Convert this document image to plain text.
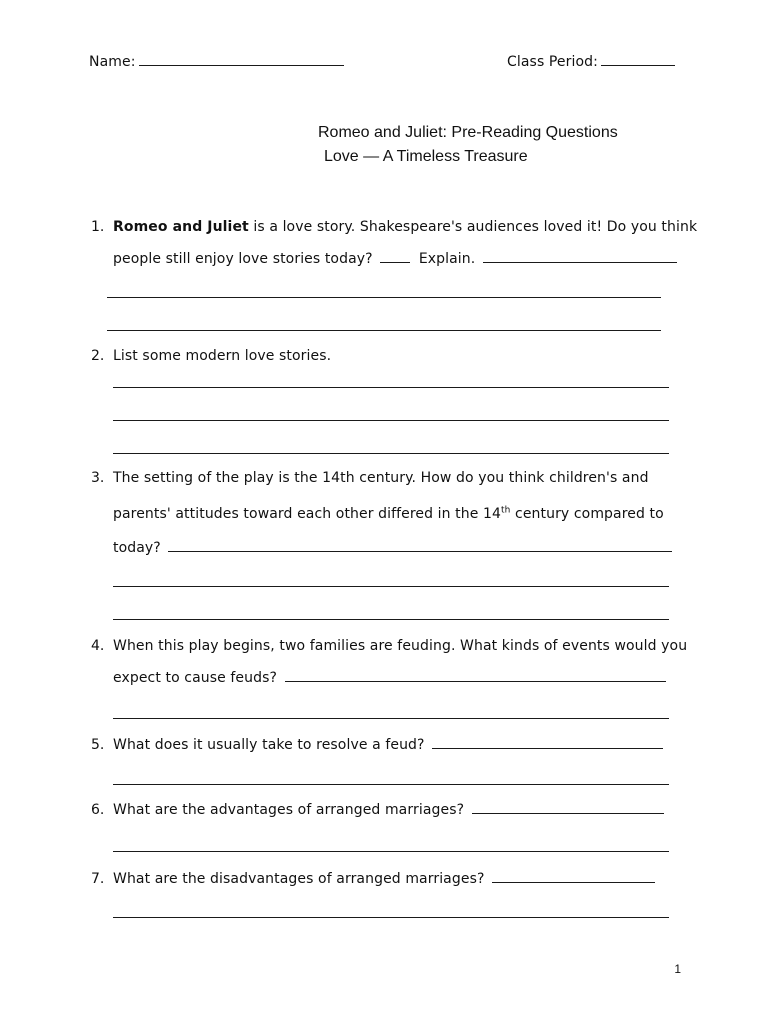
Name:	Class Period:
Romeo and Juliet: Pre-Reading Questions
Love — A Timeless Treasure
1. Romeo and Juliet is a love story. Shakespeare's audiences loved it! Do you think
people still enjoy love stories today?	Explain.
2. List some modern love stories.
3. The setting of the play is the 14th century. How do you think children's and
parents' attitudes toward each other differed in the 14th century compared to
today?
4. When this play begins, two families are feuding. What kinds of events would you
expect to cause feuds?
5. What does it usually take to resolve a feud?
6. What are the advantages of arranged marriages?
7. What are the disadvantages of arranged marriages?
1
